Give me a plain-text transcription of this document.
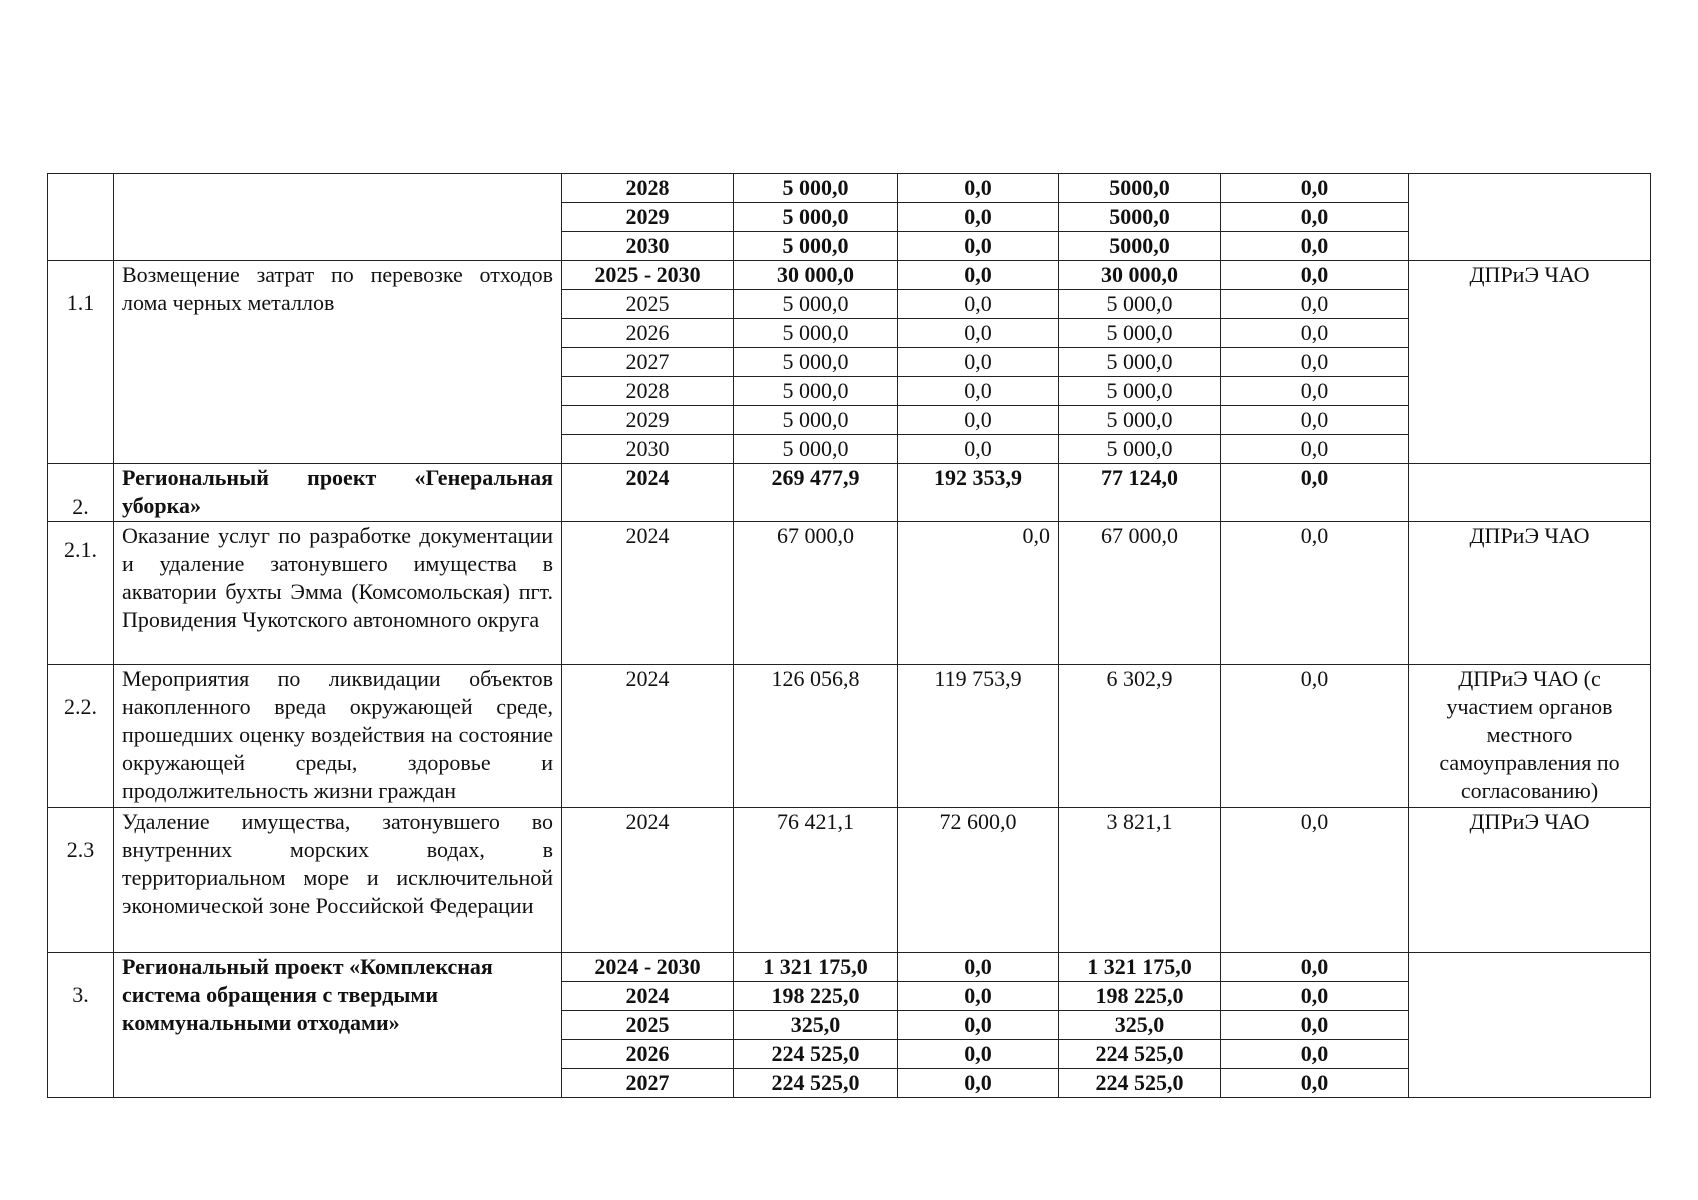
		2028	5 000,0	0,0	5000,0	0,0	
		2029	5 000,0	0,0	5000,0	0,0	
		2030	5 000,0	0,0	5000,0	0,0	
1.1	Возмещение затрат по перевозке отходов лома черных металлов	2025 - 2030	30 000,0	0,0	30 000,0	0,0	ДПРиЭ ЧАО
		2025	5 000,0	0,0	5 000,0	0,0	
		2026	5 000,0	0,0	5 000,0	0,0	
		2027	5 000,0	0,0	5 000,0	0,0	
		2028	5 000,0	0,0	5 000,0	0,0	
		2029	5 000,0	0,0	5 000,0	0,0	
		2030	5 000,0	0,0	5 000,0	0,0	
2.	Региональный проект «Генеральная уборка»	2024	269 477,9	192 353,9	77 124,0	0,0	
2.1.	Оказание услуг по разработке документации и удаление затонувшего имущества в акватории бухты Эмма (Комсомольская) пгт. Провидения Чукотского автономного округа	2024	67 000,0	0,0	67 000,0	0,0	ДПРиЭ ЧАО
2.2.	Мероприятия по ликвидации объектов накопленного вреда окружающей среде, прошедших оценку воздействия на состояние окружающей среды, здоровье и продолжительность жизни граждан	2024	126 056,8	119 753,9	6 302,9	0,0	ДПРиЭ ЧАО (с участием органов местного самоуправления по согласованию)
2.3	Удаление имущества, затонувшего во внутренних морских водах, в территориальном море и исключительной экономической зоне Российской Федерации	2024	76 421,1	72 600,0	3 821,1	0,0	ДПРиЭ ЧАО
3.	Региональный проект «Комплексная система обращения с твердыми коммунальными отходами»	2024 - 2030	1 321 175,0	0,0	1 321 175,0	0,0	
		2024	198 225,0	0,0	198 225,0	0,0	
		2025	325,0	0,0	325,0	0,0	
		2026	224 525,0	0,0	224 525,0	0,0	
		2027	224 525,0	0,0	224 525,0	0,0	
